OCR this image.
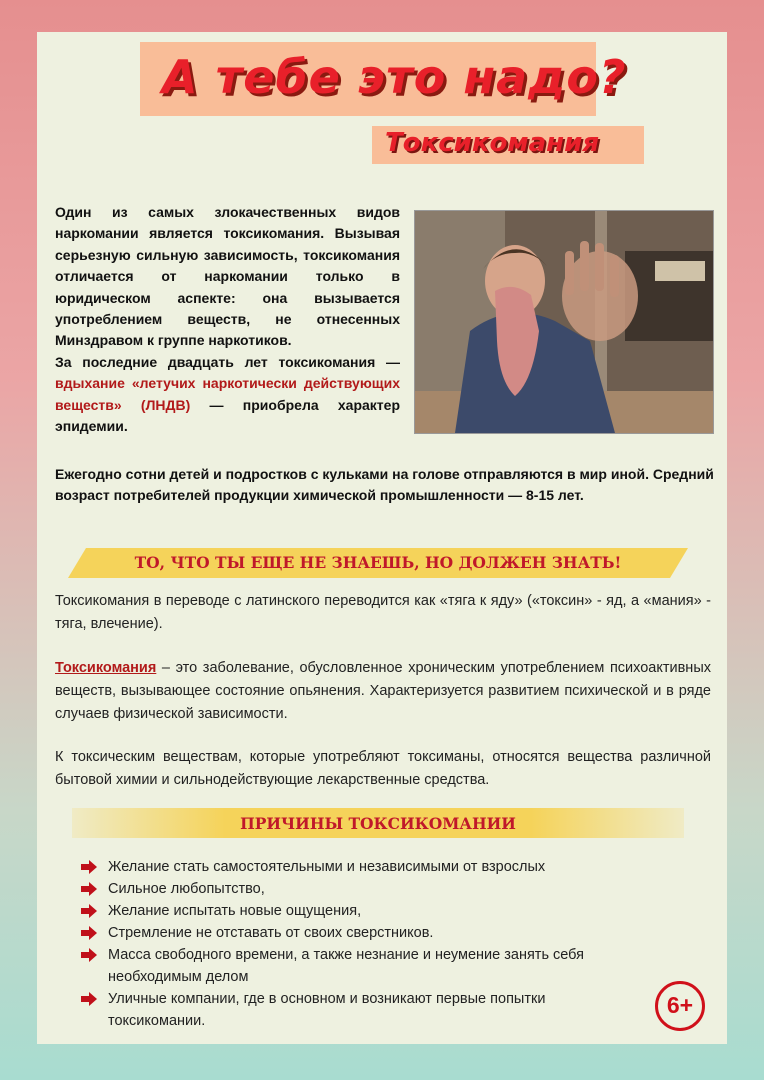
А тебе это надо?
Токсикомания

Один из самых злокачественных видов наркомании является токсикомания. Вызывая серьезную сильную зависимость, токсикомания отличается от наркомании только в юридическом аспекте: она вызывается употреблением веществ, не отнесенных Минздравом к группе наркотиков.

За последние двадцать лет токсикомания — вдыхание «летучих наркотически действующих веществ» (ЛНДВ) — приобрела характер эпидемии.

Ежегодно сотни детей и подростков с кульками на голове отправляются в мир иной. Средний возраст потребителей продукции химической промышленности — 8-15 лет.
ТО, ЧТО ТЫ ЕЩЕ НЕ ЗНАЕШЬ, НО ДОЛЖЕН ЗНАТЬ!
Токсикомания в переводе с латинского переводится как «тяга к яду» («токсин» - яд, а «мания» - тяга, влечение).
Токсикомания – это заболевание, обусловленное хроническим употреблением психоактивных веществ, вызывающее состояние опьянения. Характеризуется развитием психической и в ряде случаев физической зависимости.
К токсическим веществам, которые употребляют токсиманы, относятся вещества различной бытовой химии и сильнодействующие лекарственные средства.
ПРИЧИНЫ ТОКСИКОМАНИИ
Желание стать самостоятельными и независимыми от взрослых
Сильное любопытство,
Желание испытать новые ощущения,
Стремление не отставать от своих сверстников.
Масса свободного времени, а также незнание и неумение занять себя необходимым делом
Уличные компании, где в основном и возникают первые попытки токсикомании.
6+
